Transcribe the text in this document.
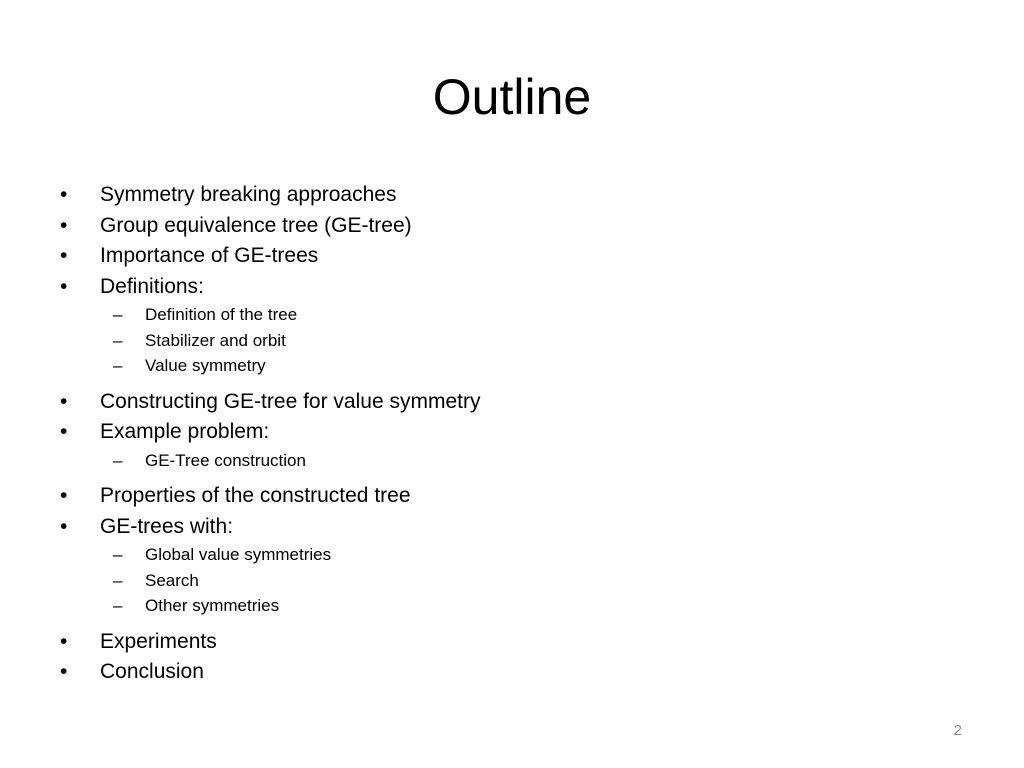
Outline
• Symmetry breaking approaches
• Group equivalence tree (GE-tree)
• Importance of GE-trees
• Definitions:
– Definition of the tree
– Stabilizer and orbit
– Value symmetry
• Constructing GE-tree for value symmetry
• Example problem:
– GE-Tree construction
• Properties of the constructed tree
• GE-trees with:
– Global value symmetries
– Search
– Other symmetries
• Experiments
• Conclusion
2
